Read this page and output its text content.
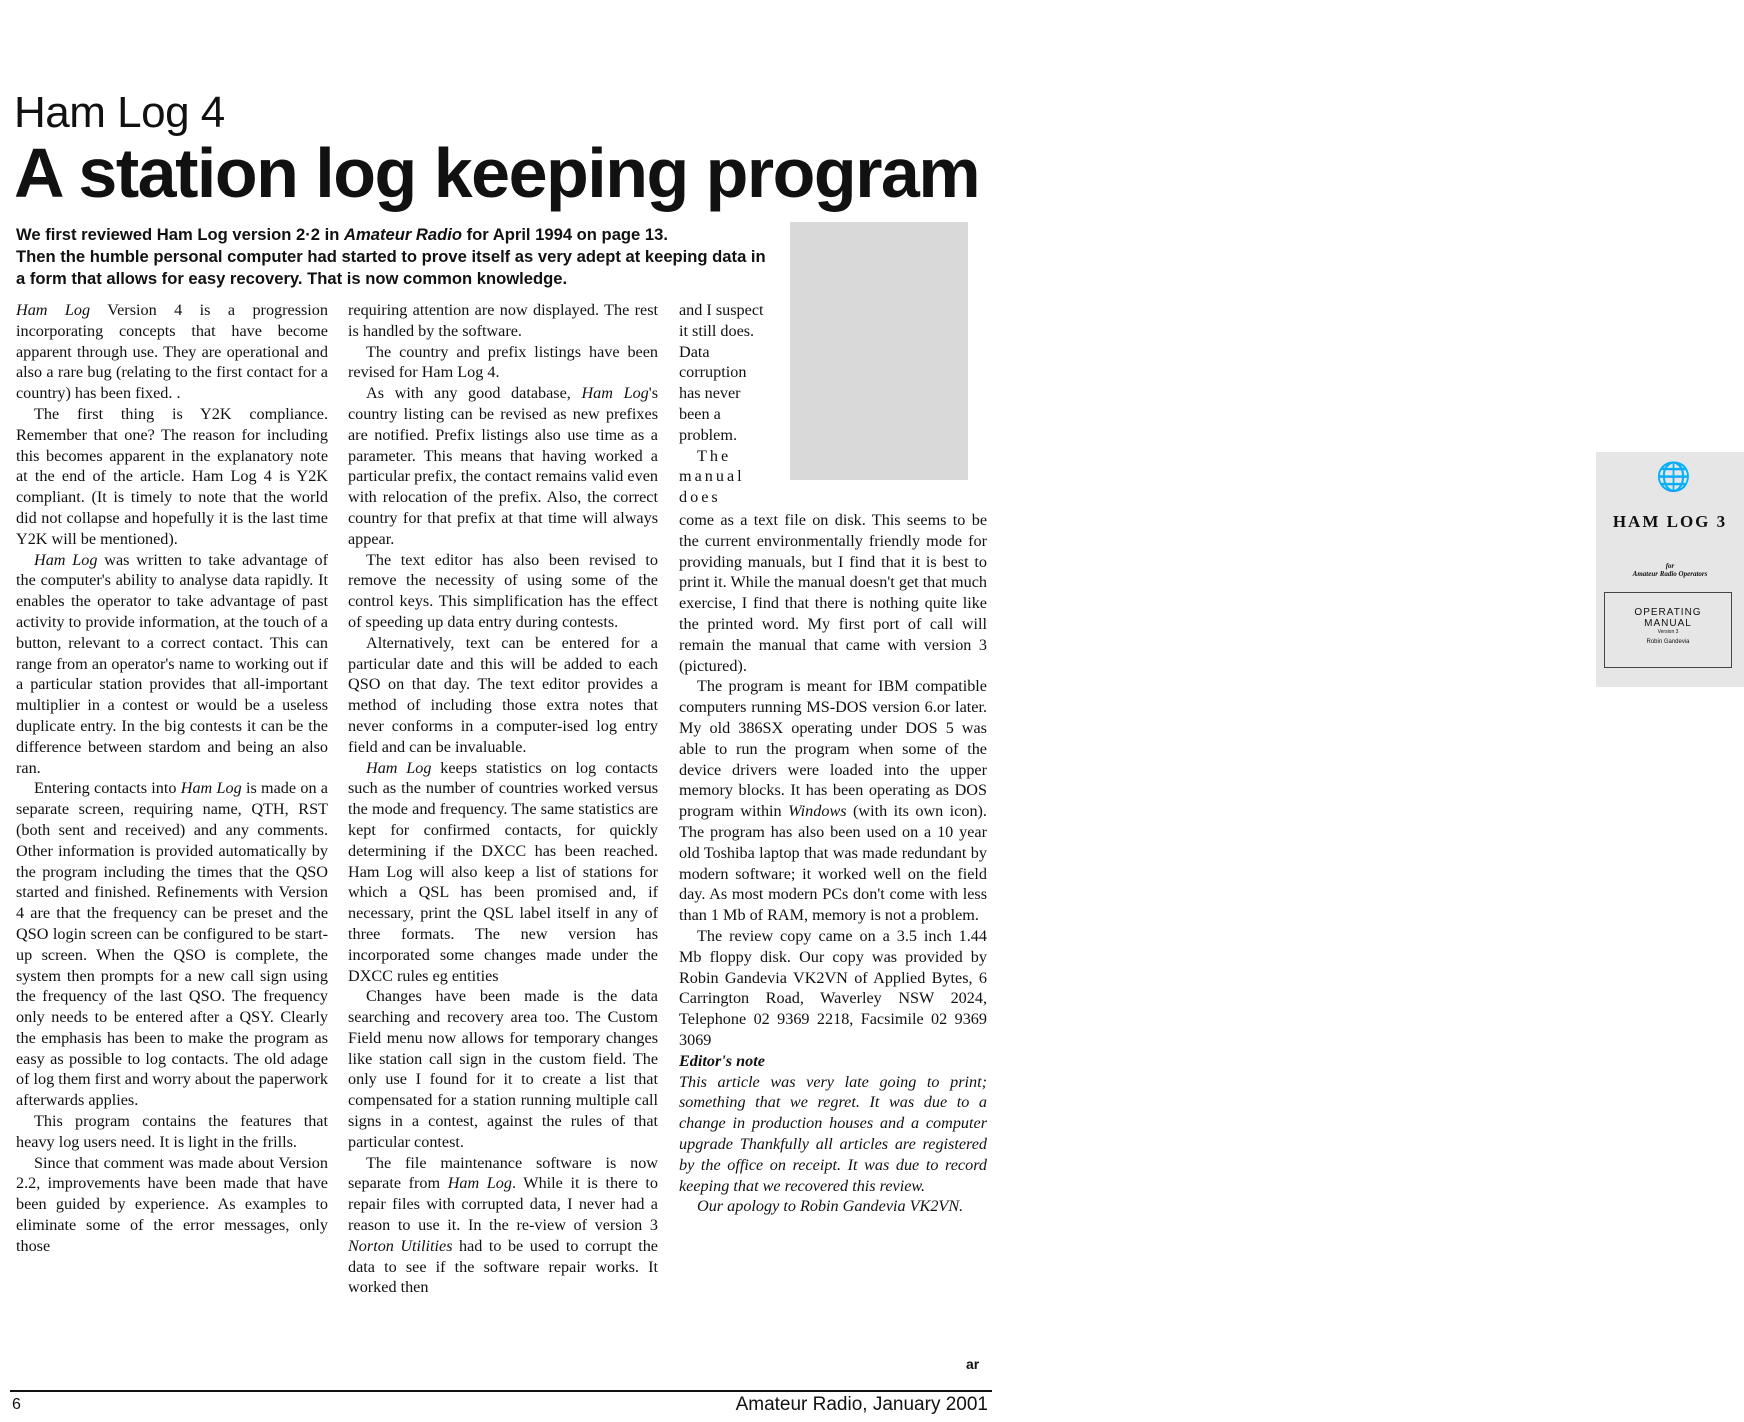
Ham Log 4
A station log keeping program

We first reviewed Ham Log version 2·2 in Amateur Radio for April 1994 on page 13.

Then the humble personal computer had started to prove itself as very adept at keeping data in a form that allows for easy recovery. That is now common knowledge.

🌐
HAM LOG 3
for
Amateur Radio Operators
OPERATING
MANUAL
Version 3
Robin Gandevia

Ham Log Version 4 is a progression incorporating concepts that have become apparent through use. They are operational and also a rare bug (relating to the first contact for a country) has been fixed. .

The first thing is Y2K compliance. Remember that one? The reason for including this becomes apparent in the explanatory note at the end of the article. Ham Log 4 is Y2K compliant. (It is timely to note that the world did not collapse and hopefully it is the last time Y2K will be mentioned).

Ham Log was written to take advantage of the computer's ability to analyse data rapidly. It enables the operator to take advantage of past activity to provide information, at the touch of a button, relevant to a correct contact. This can range from an operator's name to working out if a particular station provides that all-important multiplier in a contest or would be a useless duplicate entry. In the big contests it can be the difference between stardom and being an also ran.

Entering contacts into Ham Log is made on a separate screen, requiring name, QTH, RST (both sent and received) and any comments. Other information is provided automatically by the program including the times that the QSO started and finished. Refinements with Version 4 are that the frequency can be preset and the QSO login screen can be configured to be start-up screen. When the QSO is complete, the system then prompts for a new call sign using the frequency of the last QSO. The frequency only needs to be entered after a QSY. Clearly the emphasis has been to make the program as easy as possible to log contacts. The old adage of log them first and worry about the paperwork afterwards applies.

This program contains the features that heavy log users need. It is light in the frills.

Since that comment was made about Version 2.2, improvements have been made that have been guided by experience. As examples to eliminate some of the error messages, only those

requiring attention are now displayed. The rest is handled by the software.

The country and prefix listings have been revised for Ham Log 4.

As with any good database, Ham Log's country listing can be revised as new prefixes are notified. Prefix listings also use time as a parameter. This means that having worked a particular prefix, the contact remains valid even with relocation of the prefix. Also, the correct country for that prefix at that time will always appear.

The text editor has also been revised to remove the necessity of using some of the control keys. This simplification has the effect of speeding up data entry during contests.

Alternatively, text can be entered for a particular date and this will be added to each QSO on that day. The text editor provides a method of including those extra notes that never conforms in a computer-ised log entry field and can be invaluable.

Ham Log keeps statistics on log contacts such as the number of countries worked versus the mode and frequency. The same statistics are kept for confirmed contacts, for quickly determining if the DXCC has been reached. Ham Log will also keep a list of stations for which a QSL has been promised and, if necessary, print the QSL label itself in any of three formats. The new version has incorporated some changes made under the DXCC rules eg entities

Changes have been made is the data searching and recovery area too. The Custom Field menu now allows for temporary changes like station call sign in the custom field. The only use I found for it to create a list that compensated for a station running multiple call signs in a contest, against the rules of that particular contest.

The file maintenance software is now separate from Ham Log. While it is there to repair files with corrupted data, I never had a reason to use it. In the re-view of version 3 Norton Utilities had to be used to corrupt the data to see if the software repair works. It worked then

and I suspect it still does. Data corruption has never been a problem.

The manual does

come as a text file on disk. This seems to be the current environmentally friendly mode for providing manuals, but I find that it is best to print it. While the manual doesn't get that much exercise, I find that there is nothing quite like the printed word. My first port of call will remain the manual that came with version 3 (pictured).

The program is meant for IBM compatible computers running MS-DOS version 6.or later. My old 386SX operating under DOS 5 was able to run the program when some of the device drivers were loaded into the upper memory blocks. It has been operating as DOS program within Windows (with its own icon). The program has also been used on a 10 year old Toshiba laptop that was made redundant by modern software; it worked well on the field day. As most modern PCs don't come with less than 1 Mb of RAM, memory is not a problem.

The review copy came on a 3.5 inch 1.44 Mb floppy disk. Our copy was provided by Robin Gandevia VK2VN of Applied Bytes, 6 Carrington Road, Waverley NSW 2024, Telephone 02 9369 2218, Facsimile 02 9369 3069

Editor's note

This article was very late going to print; something that we regret. It was due to a change in production houses and a computer upgrade Thankfully all articles are registered by the office on receipt. It was due to record keeping that we recovered this review.

Our apology to Robin Gandevia VK2VN.

ar
6	Amateur Radio, January 2001
